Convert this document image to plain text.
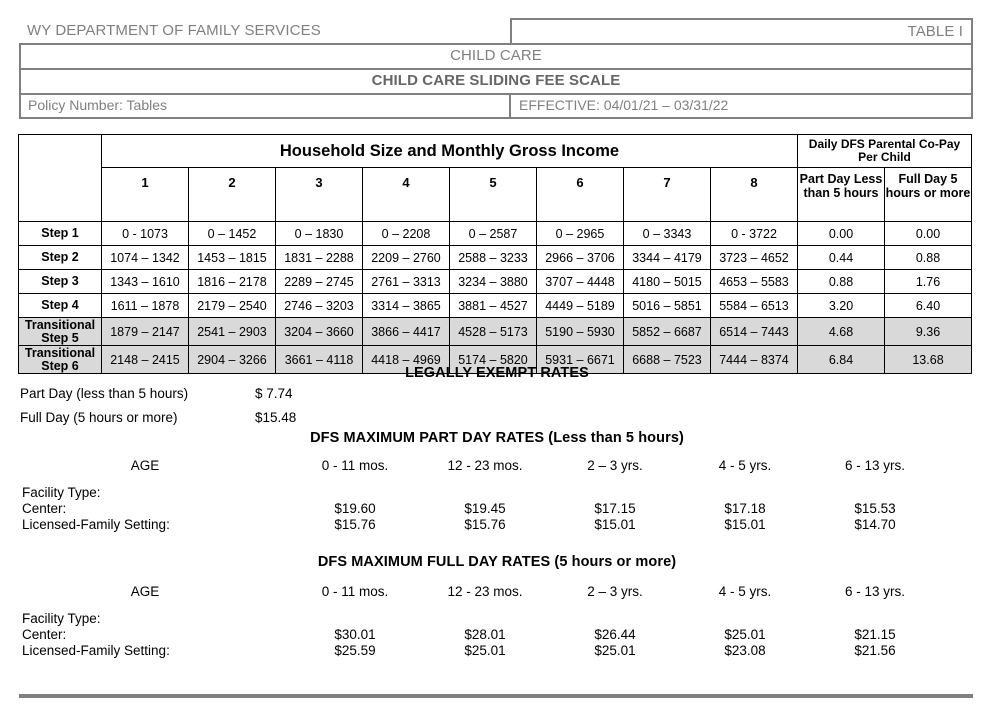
WY DEPARTMENT OF FAMILY SERVICES	TABLE I
CHILD CARE
CHILD CARE SLIDING FEE SCALE
Policy Number: Tables	EFFECTIVE: 04/01/21 – 03/31/22
	Household Size and Monthly Gross Income								Daily DFS Parental Co-Pay Per Child	
	1	2	3	4	5	6	7	8	Part Day Less than 5 hours	Full Day 5 hours or more
Step 1	0 - 1073	0 – 1452	0 – 1830	0 – 2208	0 – 2587	0 – 2965	0 – 3343	0 - 3722	0.00	0.00
Step 2	1074 – 1342	1453 – 1815	1831 – 2288	2209 – 2760	2588 – 3233	2966 – 3706	3344 – 4179	3723 – 4652	0.44	0.88
Step 3	1343 – 1610	1816 – 2178	2289 – 2745	2761 – 3313	3234 – 3880	3707 – 4448	4180 – 5015	4653 – 5583	0.88	1.76
Step 4	1611 – 1878	2179 – 2540	2746 – 3203	3314 – 3865	3881 – 4527	4449 – 5189	5016 – 5851	5584 – 6513	3.20	6.40
Transitional Step 5	1879 – 2147	2541 – 2903	3204 – 3660	3866 – 4417	4528 – 5173	5190 – 5930	5852 – 6687	6514 – 7443	4.68	9.36
Transitional Step 6	2148 – 2415	2904 – 3266	3661 – 4118	4418 – 4969	5174 – 5820	5931 – 6671	6688 – 7523	7444 – 8374	6.84	13.68
LEGALLY EXEMPT RATES
Part Day (less than 5 hours)	$ 7.74
Full Day (5 hours or more)	$15.48
DFS MAXIMUM PART DAY RATES (Less than 5 hours)
AGE	0 - 11 mos.	12 - 23 mos.	2 – 3 yrs.	4 - 5 yrs.	6 - 13 yrs.
Facility Type:
Center:	$19.60	$19.45	$17.15	$17.18	$15.53
Licensed-Family Setting:	$15.76	$15.76	$15.01	$15.01	$14.70
DFS MAXIMUM FULL DAY RATES (5 hours or more)
AGE	0 - 11 mos.	12 - 23 mos.	2 – 3 yrs.	4 - 5 yrs.	6 - 13 yrs.
Facility Type:
Center:	$30.01	$28.01	$26.44	$25.01	$21.15
Licensed-Family Setting:	$25.59	$25.01	$25.01	$23.08	$21.56
